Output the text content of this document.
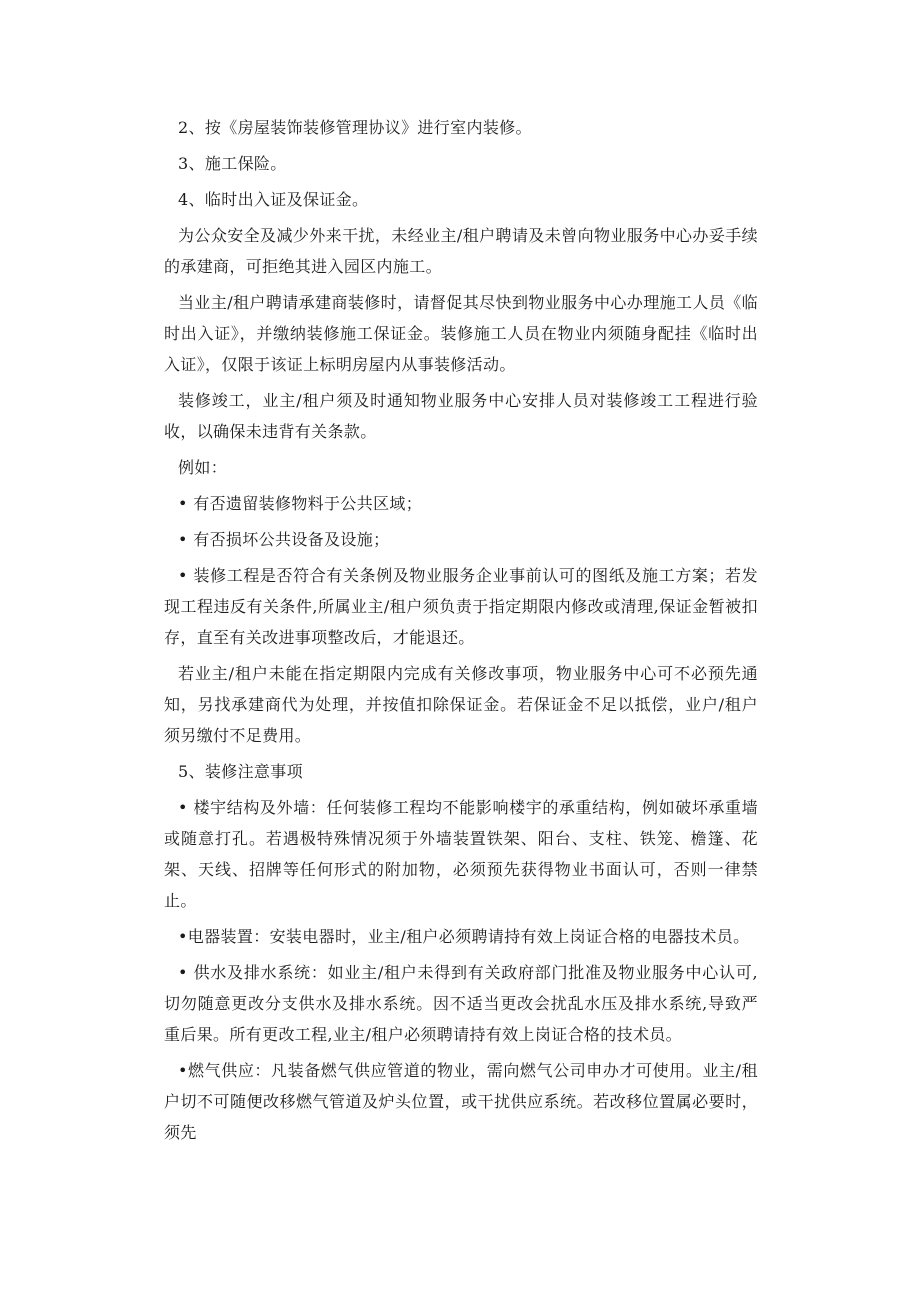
2、按《房屋装饰装修管理协议》进行室内装修。

3、施工保险。

4、临时出入证及保证金。

为公众安全及减少外来干扰，未经业主/租户聘请及未曾向物业服务中心办妥手续的承建商，可拒绝其进入园区内施工。

当业主/租户聘请承建商装修时，请督促其尽快到物业服务中心办理施工人员《临时出入证》，并缴纳装修施工保证金。装修施工人员在物业内须随身配挂《临时出入证》，仅限于该证上标明房屋内从事装修活动。

装修竣工，业主/租户须及时通知物业服务中心安排人员对装修竣工工程进行验收，以确保未违背有关条款。

例如：

• 有否遗留装修物料于公共区域；

• 有否损坏公共设备及设施；

• 装修工程是否符合有关条例及物业服务企业事前认可的图纸及施工方案；若发现工程违反有关条件,所属业主/租户须负责于指定期限内修改或清理,保证金暂被扣存，直至有关改进事项整改后，才能退还。

若业主/租户未能在指定期限内完成有关修改事项，物业服务中心可不必预先通知，另找承建商代为处理，并按值扣除保证金。若保证金不足以抵偿，业户/租户须另缴付不足费用。

5、装修注意事项

• 楼宇结构及外墙：任何装修工程均不能影响楼宇的承重结构，例如破坏承重墙或随意打孔。若遇极特殊情况须于外墙装置铁架、阳台、支柱、铁笼、檐篷、花架、天线、招牌等任何形式的附加物，必须预先获得物业书面认可，否则一律禁止。

•电器装置：安装电器时，业主/租户必须聘请持有效上岗证合格的电器技术员。

• 供水及排水系统：如业主/租户未得到有关政府部门批准及物业服务中心认可,切勿随意更改分支供水及排水系统。因不适当更改会扰乱水压及排水系统,导致严重后果。所有更改工程,业主/租户必须聘请持有效上岗证合格的技术员。

•燃气供应：凡装备燃气供应管道的物业，需向燃气公司申办才可使用。业主/租户切不可随便改移燃气管道及炉头位置，或干扰供应系统。若改移位置属必要时，须先
